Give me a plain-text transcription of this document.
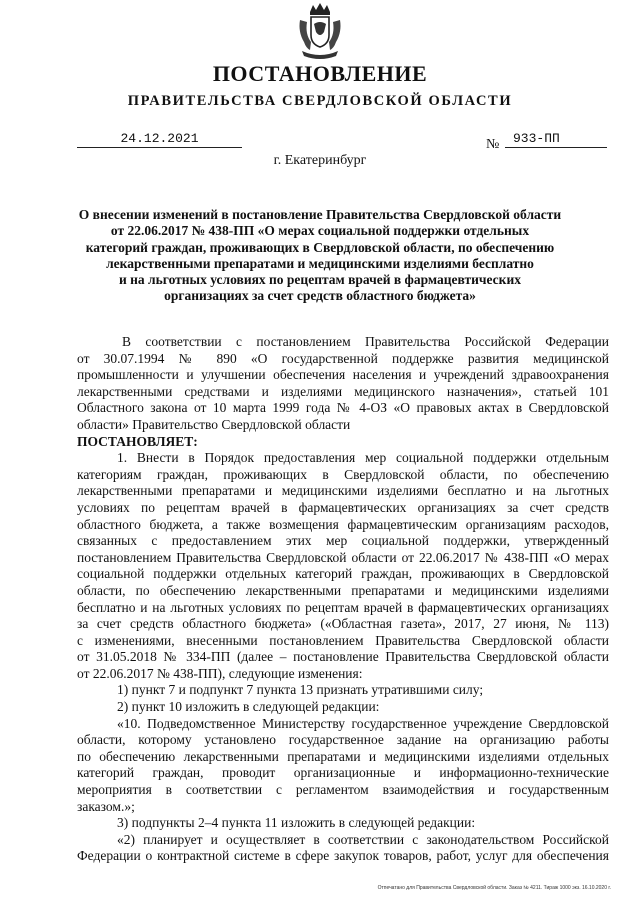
ПОСТАНОВЛЕНИЕ
ПРАВИТЕЛЬСТВА СВЕРДЛОВСКОЙ ОБЛАСТИ
24.12.2021	№	933-ПП
г. Екатеринбург
О внесении изменений в постановление Правительства Свердловской области
от 22.06.2017 № 438-ПП «О мерах социальной поддержки отдельных
категорий граждан, проживающих в Свердловской области, по обеспечению
лекарственными препаратами и медицинскими изделиями бесплатно
и на льготных условиях по рецептам врачей в фармацевтических
организациях за счет средств областного бюджета»
В соответствии с постановлением Правительства Российской Федерации
от 30.07.1994 № 890 «О государственной поддержке развития медицинской
промышленности и улучшении обеспечения населения и учреждений здравоохранения
лекарственными средствами и изделиями медицинского назначения», статьей 101
Областного закона от 10 марта 1999 года № 4-ОЗ «О правовых актах в Свердловской
области» Правительство Свердловской области
ПОСТАНОВЛЯЕТ:
1. Внести в Порядок предоставления мер социальной поддержки отдельным
категориям граждан, проживающих в Свердловской области, по обеспечению
лекарственными препаратами и медицинскими изделиями бесплатно и на льготных
условиях по рецептам врачей в фармацевтических организациях за счет средств
областного бюджета, а также возмещения фармацевтическим организациям расходов,
связанных с предоставлением этих мер социальной поддержки, утвержденный
постановлением Правительства Свердловской области от 22.06.2017 № 438-ПП «О мерах
социальной поддержки отдельных категорий граждан, проживающих в Свердловской
области, по обеспечению лекарственными препаратами и медицинскими изделиями
бесплатно и на льготных условиях по рецептам врачей в фармацевтических организациях
за счет средств областного бюджета» («Областная газета», 2017, 27 июня, № 113)
с изменениями, внесенными постановлением Правительства Свердловской области
от 31.05.2018 № 334-ПП (далее – постановление Правительства Свердловской области
от 22.06.2017 № 438-ПП), следующие изменения:
1) пункт 7 и подпункт 7 пункта 13 признать утратившими силу;
2) пункт 10 изложить в следующей редакции:
«10. Подведомственное Министерству государственное учреждение Свердловской
области, которому установлено государственное задание на организацию работы
по обеспечению лекарственными препаратами и медицинскими изделиями отдельных
категорий граждан, проводит организационные и информационно-технические
мероприятия в соответствии с регламентом взаимодействия и государственным
заказом.»;
3) подпункты 2–4 пункта 11 изложить в следующей редакции:
«2) планирует и осуществляет в соответствии с законодательством Российской
Федерации о контрактной системе в сфере закупок товаров, работ, услуг для обеспечения
Отпечатано для Правительства Свердловской области. Заказ № 4211. Тираж 1000 экз. 16.10.2020 г.
